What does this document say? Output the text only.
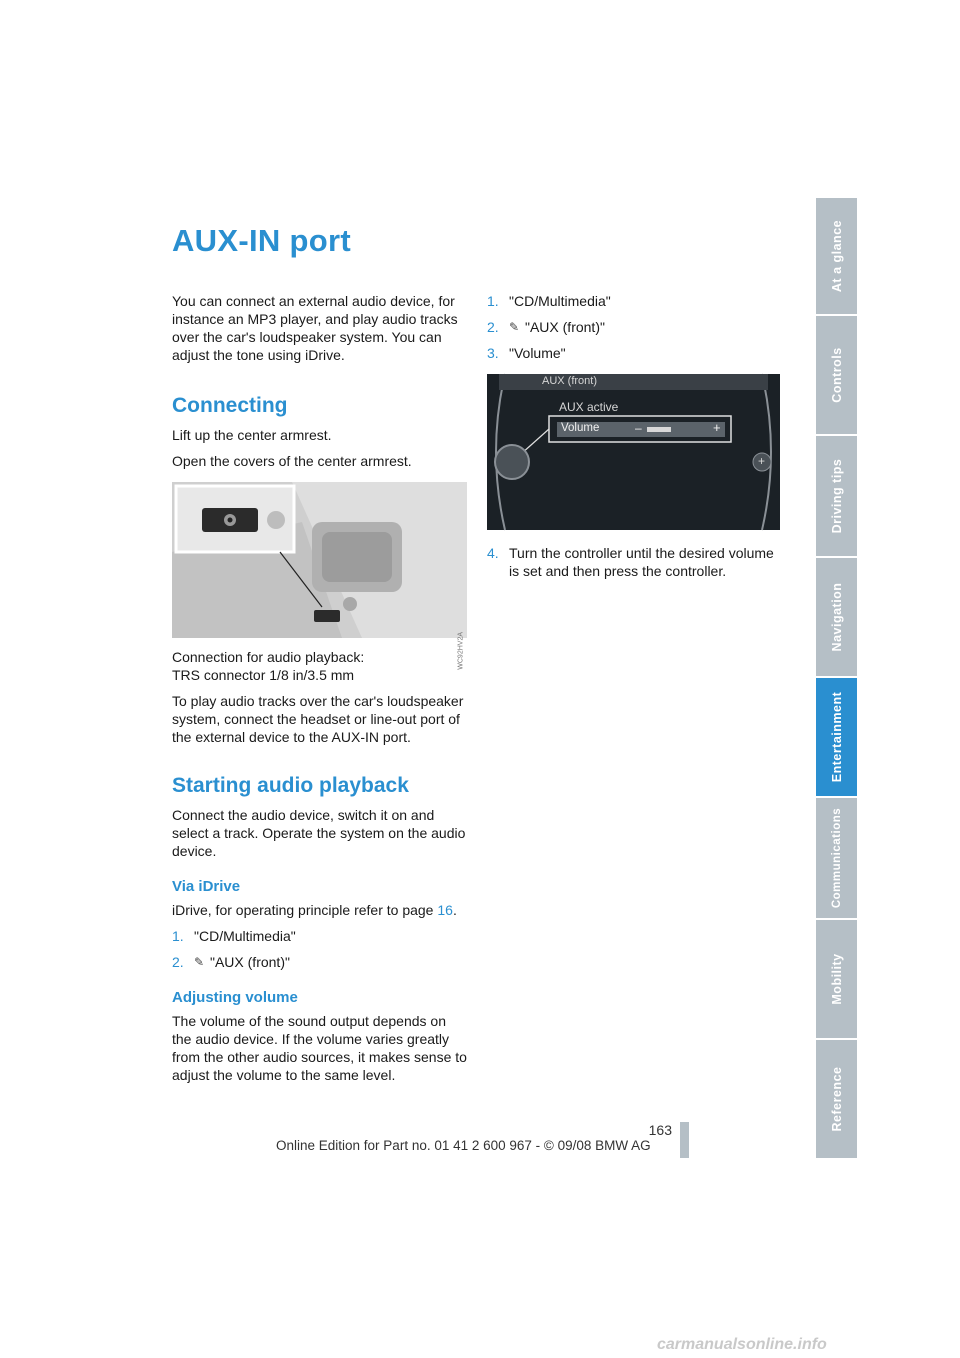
AUX-IN port

You can connect an external audio device, for instance an MP3 player, and play audio tracks over the car's loudspeaker system. You can adjust the tone using iDrive.

Connecting

Lift up the center armrest.

Open the covers of the center armrest.

WC92HV2A

Connection for audio playback:

TRS connector 1/8 in/3.5 mm

To play audio tracks over the car's loudspeaker system, connect the headset or line-out port of the external device to the AUX-IN port.

Starting audio playback

Connect the audio device, switch it on and select a track. Operate the system on the audio device.

Via iDrive

iDrive, for operating principle refer to page 16.

1. "CD/Multimedia"
2. ✎ "AUX (front)"
Adjusting volume

The volume of the sound output depends on the audio device. If the volume varies greatly from the other audio sources, it makes sense to adjust the volume to the same level.

1. "CD/Multimedia"
2. ✎ "AUX (front)"
3. "Volume"
AUX (front)
AUX active
Volume	–	+
+
4. Turn the controller until the desired volume is set and then press the controller.
At a glance
Controls
Driving tips
Navigation
Entertainment
Communications
Mobility
Reference
163
Online Edition for Part no. 01 41 2 600 967 - © 09/08 BMW AG
carmanualsonline.info
